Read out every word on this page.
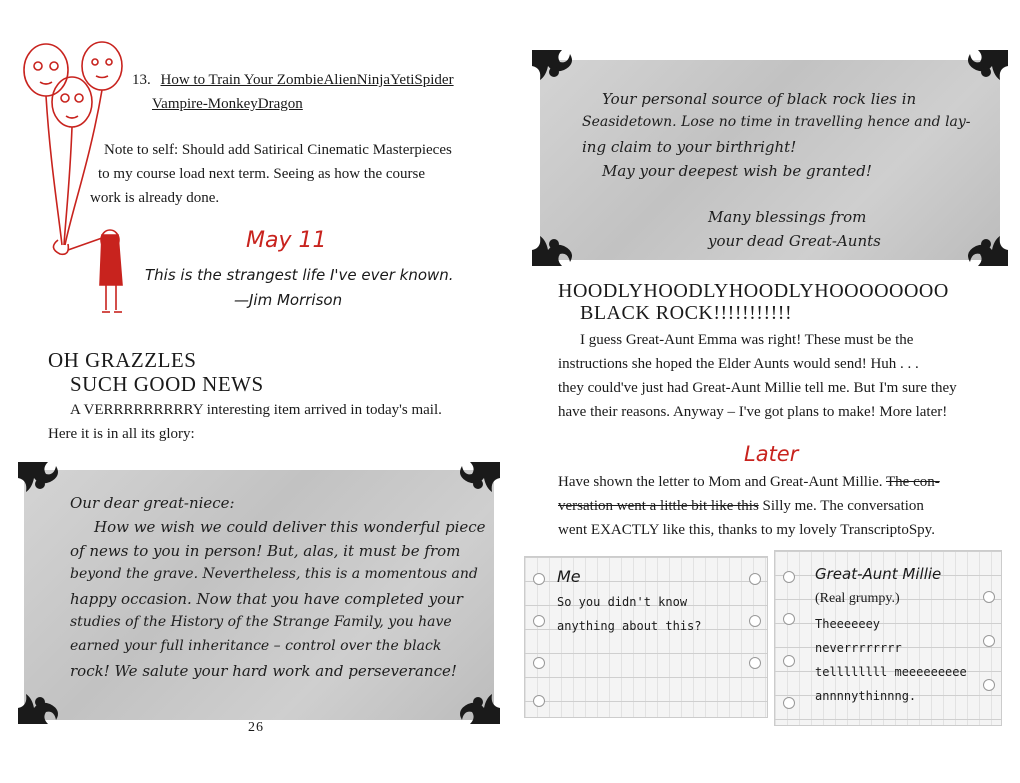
13. How to Train Your ZombieAlienNinjaYetiSpider
Vampire-MonkeyDragon
Note to self: Should add Satirical Cinematic Masterpieces
to my course load next term. Seeing as how the course
work is already done.
May 11
This is the strangest life I've ever known.
—Jim Morrison
OH GRAZZLES
SUCH GOOD NEWS
A VERRRRRRRRRY interesting item arrived in today's mail.
Here it is in all its glory:
Our dear great-niece:
How we wish we could deliver this wonderful piece
of news to you in person! But, alas, it must be from
beyond the grave. Nevertheless, this is a momentous and
happy occasion. Now that you have completed your
studies of the History of the Strange Family, you have
earned your full inheritance – control over the black
rock! We salute your hard work and perseverance!
26
Your personal source of black rock lies in
Seasidetown. Lose no time in travelling hence and lay-
ing claim to your birthright!
May your deepest wish be granted!
Many blessings from
your dead Great-Aunts
HOODLYHOODLYHOODLYHOOOOOOOO
BLACK ROCK!!!!!!!!!!!
I guess Great-Aunt Emma was right! These must be the
instructions she hoped the Elder Aunts would send! Huh . . .
they could've just had Great-Aunt Millie tell me. But I'm sure they
have their reasons. Anyway – I've got plans to make! More later!
Later
Have shown the letter to Mom and Great-Aunt Millie. The con-
versation went a little bit like this Silly me. The conversation
went EXACTLY like this, thanks to my lovely TranscriptoSpy.
Me
So you didn't know
anything about this?
Great-Aunt Millie
(Real grumpy.)
Theeeeeey
neverrrrrrrr
tellllllll meeeeeeeee
annnnythinnng.
